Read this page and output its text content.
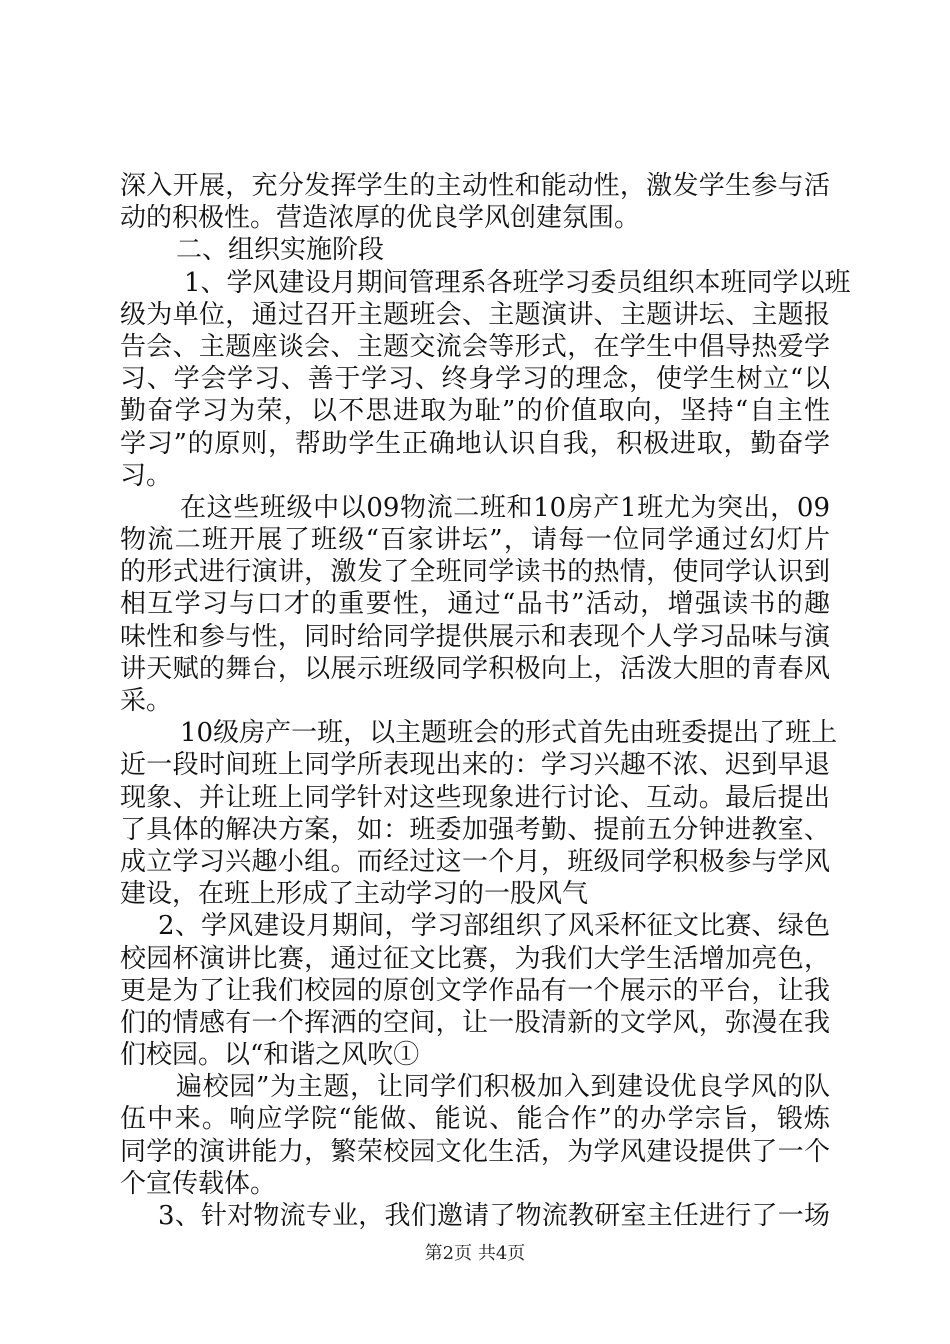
深入开展，充分发挥学生的主动性和能动性，激发学生参与活
动的积极性。营造浓厚的优良学风创建氛围。
二、组织实施阶段
1、学风建设月期间管理系各班学习委员组织本班同学以班
级为单位，通过召开主题班会、主题演讲、主题讲坛、主题报
告会、主题座谈会、主题交流会等形式，在学生中倡导热爱学
习、学会学习、善于学习、终身学习的理念，使学生树立“以
勤奋学习为荣，以不思进取为耻”的价值取向，坚持“自主性
学习”的原则，帮助学生正确地认识自我，积极进取，勤奋学
习。
在这些班级中以09物流二班和10房产1班尤为突出，09
物流二班开展了班级“百家讲坛”，请每一位同学通过幻灯片
的形式进行演讲，激发了全班同学读书的热情，使同学认识到
相互学习与口才的重要性，通过“品书”活动，增强读书的趣
味性和参与性，同时给同学提供展示和表现个人学习品味与演
讲天赋的舞台，以展示班级同学积极向上，活泼大胆的青春风
采。
10级房产一班，以主题班会的形式首先由班委提出了班上
近一段时间班上同学所表现出来的：学习兴趣不浓、迟到早退
现象、并让班上同学针对这些现象进行讨论、互动。最后提出
了具体的解决方案，如：班委加强考勤、提前五分钟进教室、
成立学习兴趣小组。而经过这一个月，班级同学积极参与学风
建设，在班上形成了主动学习的一股风气
2、学风建设月期间，学习部组织了风采杯征文比赛、绿色
校园杯演讲比赛，通过征文比赛，为我们大学生活增加亮色，
更是为了让我们校园的原创文学作品有一个展示的平台，让我
们的情感有一个挥洒的空间，让一股清新的文学风，弥漫在我
们校园。以“和谐之风吹①
遍校园”为主题，让同学们积极加入到建设优良学风的队
伍中来。响应学院“能做、能说、能合作”的办学宗旨，锻炼
同学的演讲能力，繁荣校园文化生活，为学风建设提供了一个
个宣传载体。
3、针对物流专业，我们邀请了物流教研室主任进行了一场
第2页 共4页
